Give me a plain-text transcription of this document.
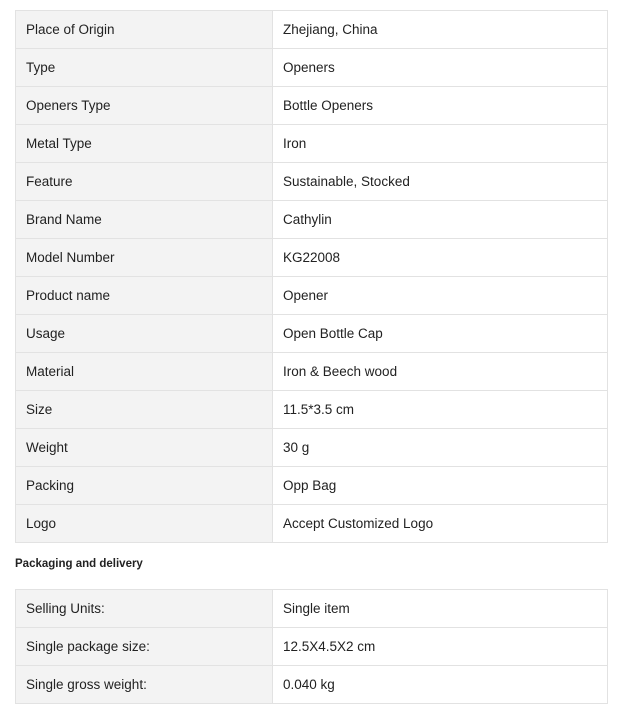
Place of Origin	Zhejiang, China
Type	Openers
Openers Type	Bottle Openers
Metal Type	Iron
Feature	Sustainable, Stocked
Brand Name	Cathylin
Model Number	KG22008
Product name	Opener
Usage	Open Bottle Cap
Material	Iron & Beech wood
Size	11.5*3.5 cm
Weight	30 g
Packing	Opp Bag
Logo	Accept Customized Logo
Packaging and delivery
Selling Units:	Single item
Single package size:	12.5X4.5X2 cm
Single gross weight:	0.040 kg
